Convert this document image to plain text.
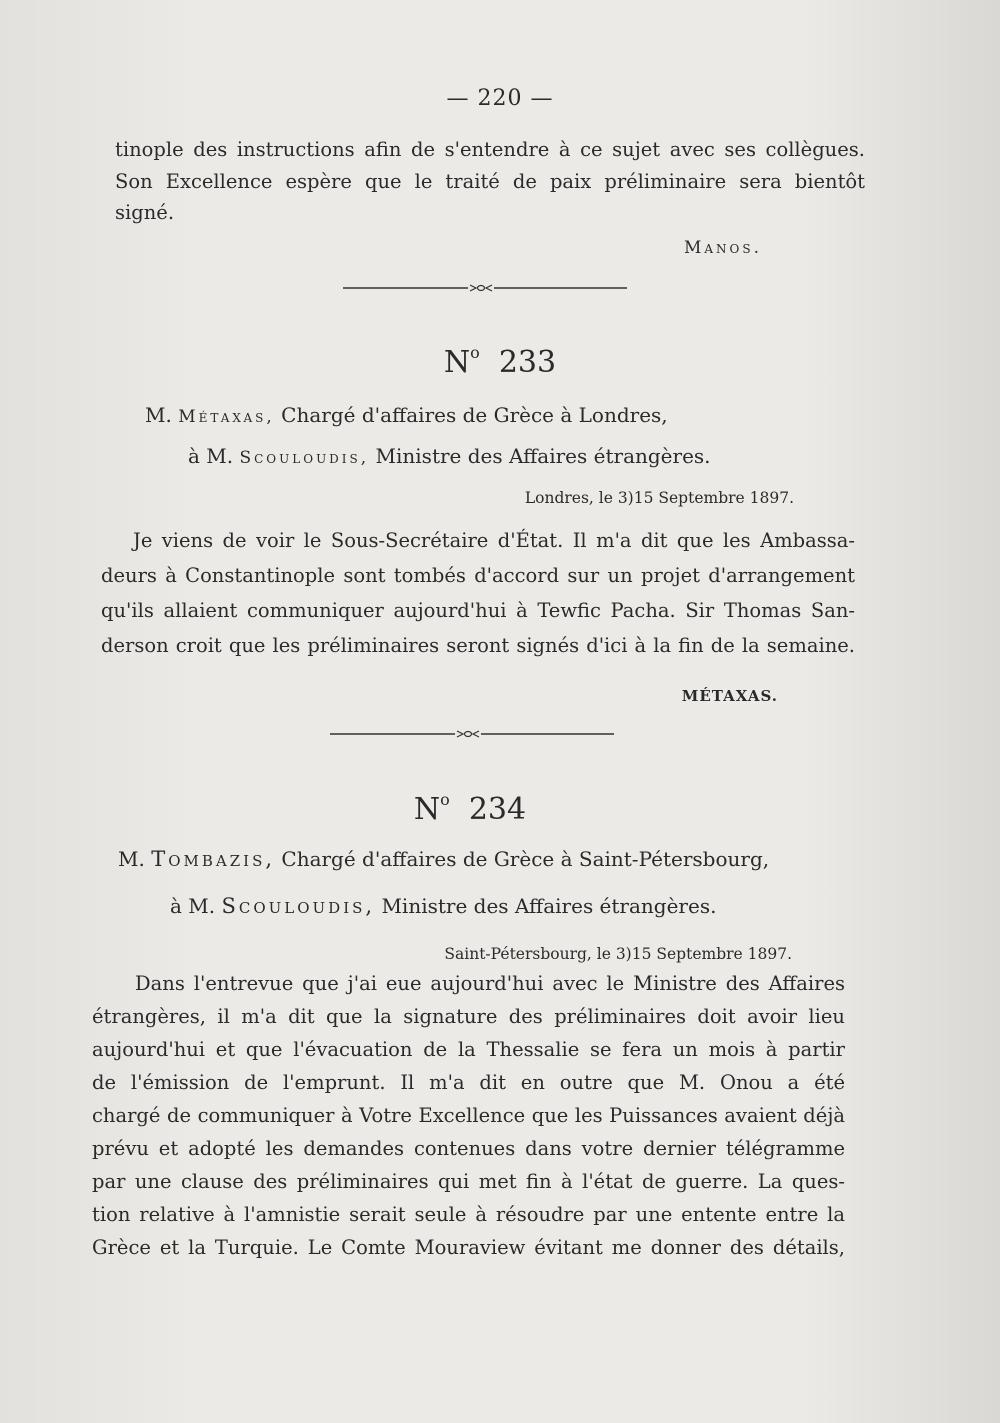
— 220 —
tinople des instructions afin de s'entendre à ce sujet avec ses collègues.
Son Excellence espère que le traité de paix préliminaire sera bientôt
signé.
Manos.
$N^o$ 233
M. Métaxas, Chargé d'affaires de Grèce à Londres,
à M. Scouloudis, Ministre des Affaires étrangères.
Londres, le 3)15 Septembre 1897.
Je viens de voir le Sous-Secrétaire d'État. Il m'a dit que les Ambassa-
deurs à Constantinople sont tombés d'accord sur un projet d'arrangement
qu'ils allaient communiquer aujourd'hui à Tewfic Pacha. Sir Thomas San-
derson croit que les préliminaires seront signés d'ici à la fin de la semaine.
MÉTAXAS.
$N^o$ 234
M. Tombazis, Chargé d'affaires de Grèce à Saint-Pétersbourg,
à M. Scouloudis, Ministre des Affaires étrangères.
Saint-Pétersbourg, le 3)15 Septembre 1897.
Dans l'entrevue que j'ai eue aujourd'hui avec le Ministre des Affaires
étrangères, il m'a dit que la signature des préliminaires doit avoir lieu
aujourd'hui et que l'évacuation de la Thessalie se fera un mois à partir
de l'émission de l'emprunt. Il m'a dit en outre que M. Onou a été
chargé de communiquer à Votre Excellence que les Puissances avaient déjà
prévu et adopté les demandes contenues dans votre dernier télégramme
par une clause des préliminaires qui met fin à l'état de guerre. La ques-
tion relative à l'amnistie serait seule à résoudre par une entente entre la
Grèce et la Turquie. Le Comte Mouraview évitant me donner des détails,
